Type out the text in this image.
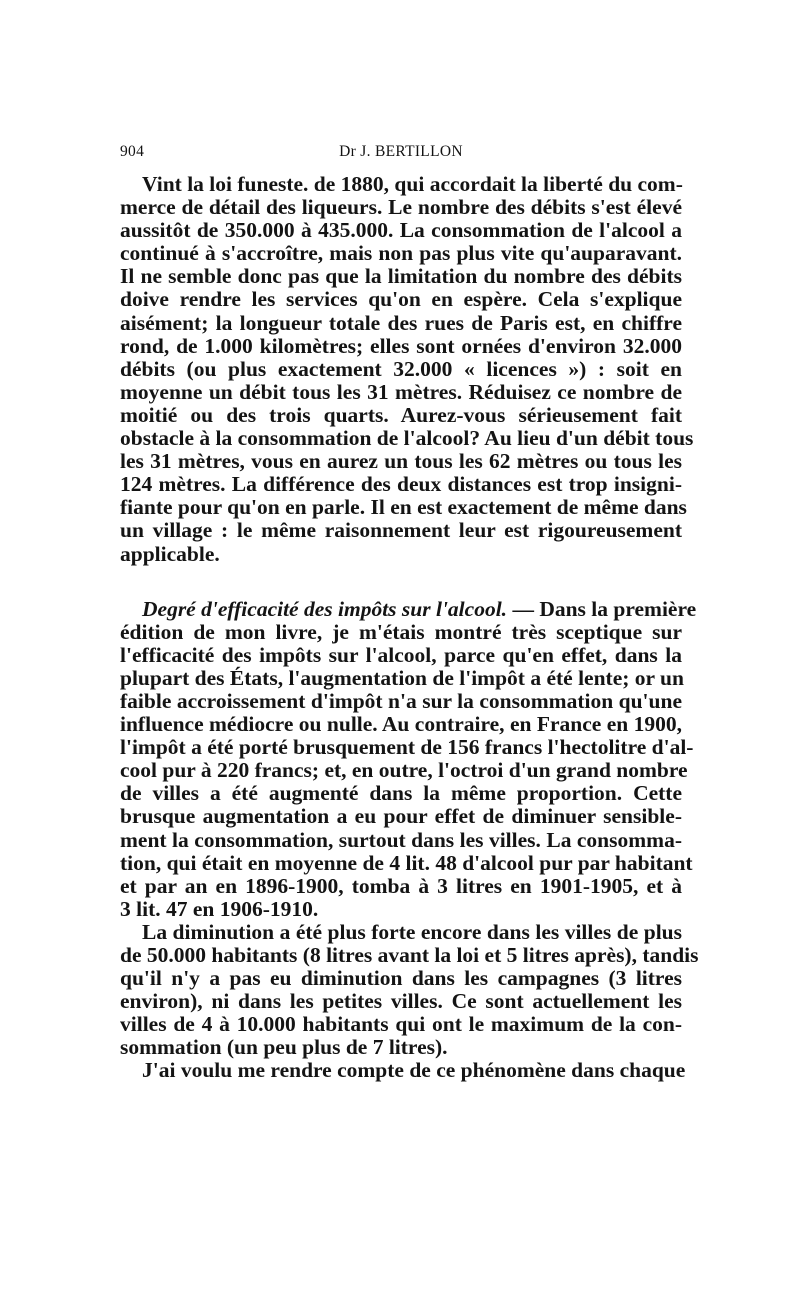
904	Dr J. BERTILLON
Vint la loi funeste. de 1880, qui accordait la liberté du com-
merce de détail des liqueurs. Le nombre des débits s'est élevé
aussitôt de 350.000 à 435.000. La consommation de l'alcool a
continué à s'accroître, mais non pas plus vite qu'auparavant.
Il ne semble donc pas que la limitation du nombre des débits
doive rendre les services qu'on en espère. Cela s'explique
aisément; la longueur totale des rues de Paris est, en chiffre
rond, de 1.000 kilomètres; elles sont ornées d'environ 32.000
débits (ou plus exactement 32.000 « licences ») : soit en
moyenne un débit tous les 31 mètres. Réduisez ce nombre de
moitié ou des trois quarts. Aurez-vous sérieusement fait
obstacle à la consommation de l'alcool? Au lieu d'un débit tous
les 31 mètres, vous en aurez un tous les 62 mètres ou tous les
124 mètres. La différence des deux distances est trop insigni-
fiante pour qu'on en parle. Il en est exactement de même dans
un village : le même raisonnement leur est rigoureusement
applicable.
Degré d'efficacité des impôts sur l'alcool. — Dans la première
édition de mon livre, je m'étais montré très sceptique sur
l'efficacité des impôts sur l'alcool, parce qu'en effet, dans la
plupart des États, l'augmentation de l'impôt a été lente; or un
faible accroissement d'impôt n'a sur la consommation qu'une
influence médiocre ou nulle. Au contraire, en France en 1900,
l'impôt a été porté brusquement de 156 francs l'hectolitre d'al-
cool pur à 220 francs; et, en outre, l'octroi d'un grand nombre
de villes a été augmenté dans la même proportion. Cette
brusque augmentation a eu pour effet de diminuer sensible-
ment la consommation, surtout dans les villes. La consomma-
tion, qui était en moyenne de 4 lit. 48 d'alcool pur par habitant
et par an en 1896-1900, tomba à 3 litres en 1901-1905, et à
3 lit. 47 en 1906-1910.
La diminution a été plus forte encore dans les villes de plus
de 50.000 habitants (8 litres avant la loi et 5 litres après), tandis
qu'il n'y a pas eu diminution dans les campagnes (3 litres
environ), ni dans les petites villes. Ce sont actuellement les
villes de 4 à 10.000 habitants qui ont le maximum de la con-
sommation (un peu plus de 7 litres).
J'ai voulu me rendre compte de ce phénomène dans chaque
